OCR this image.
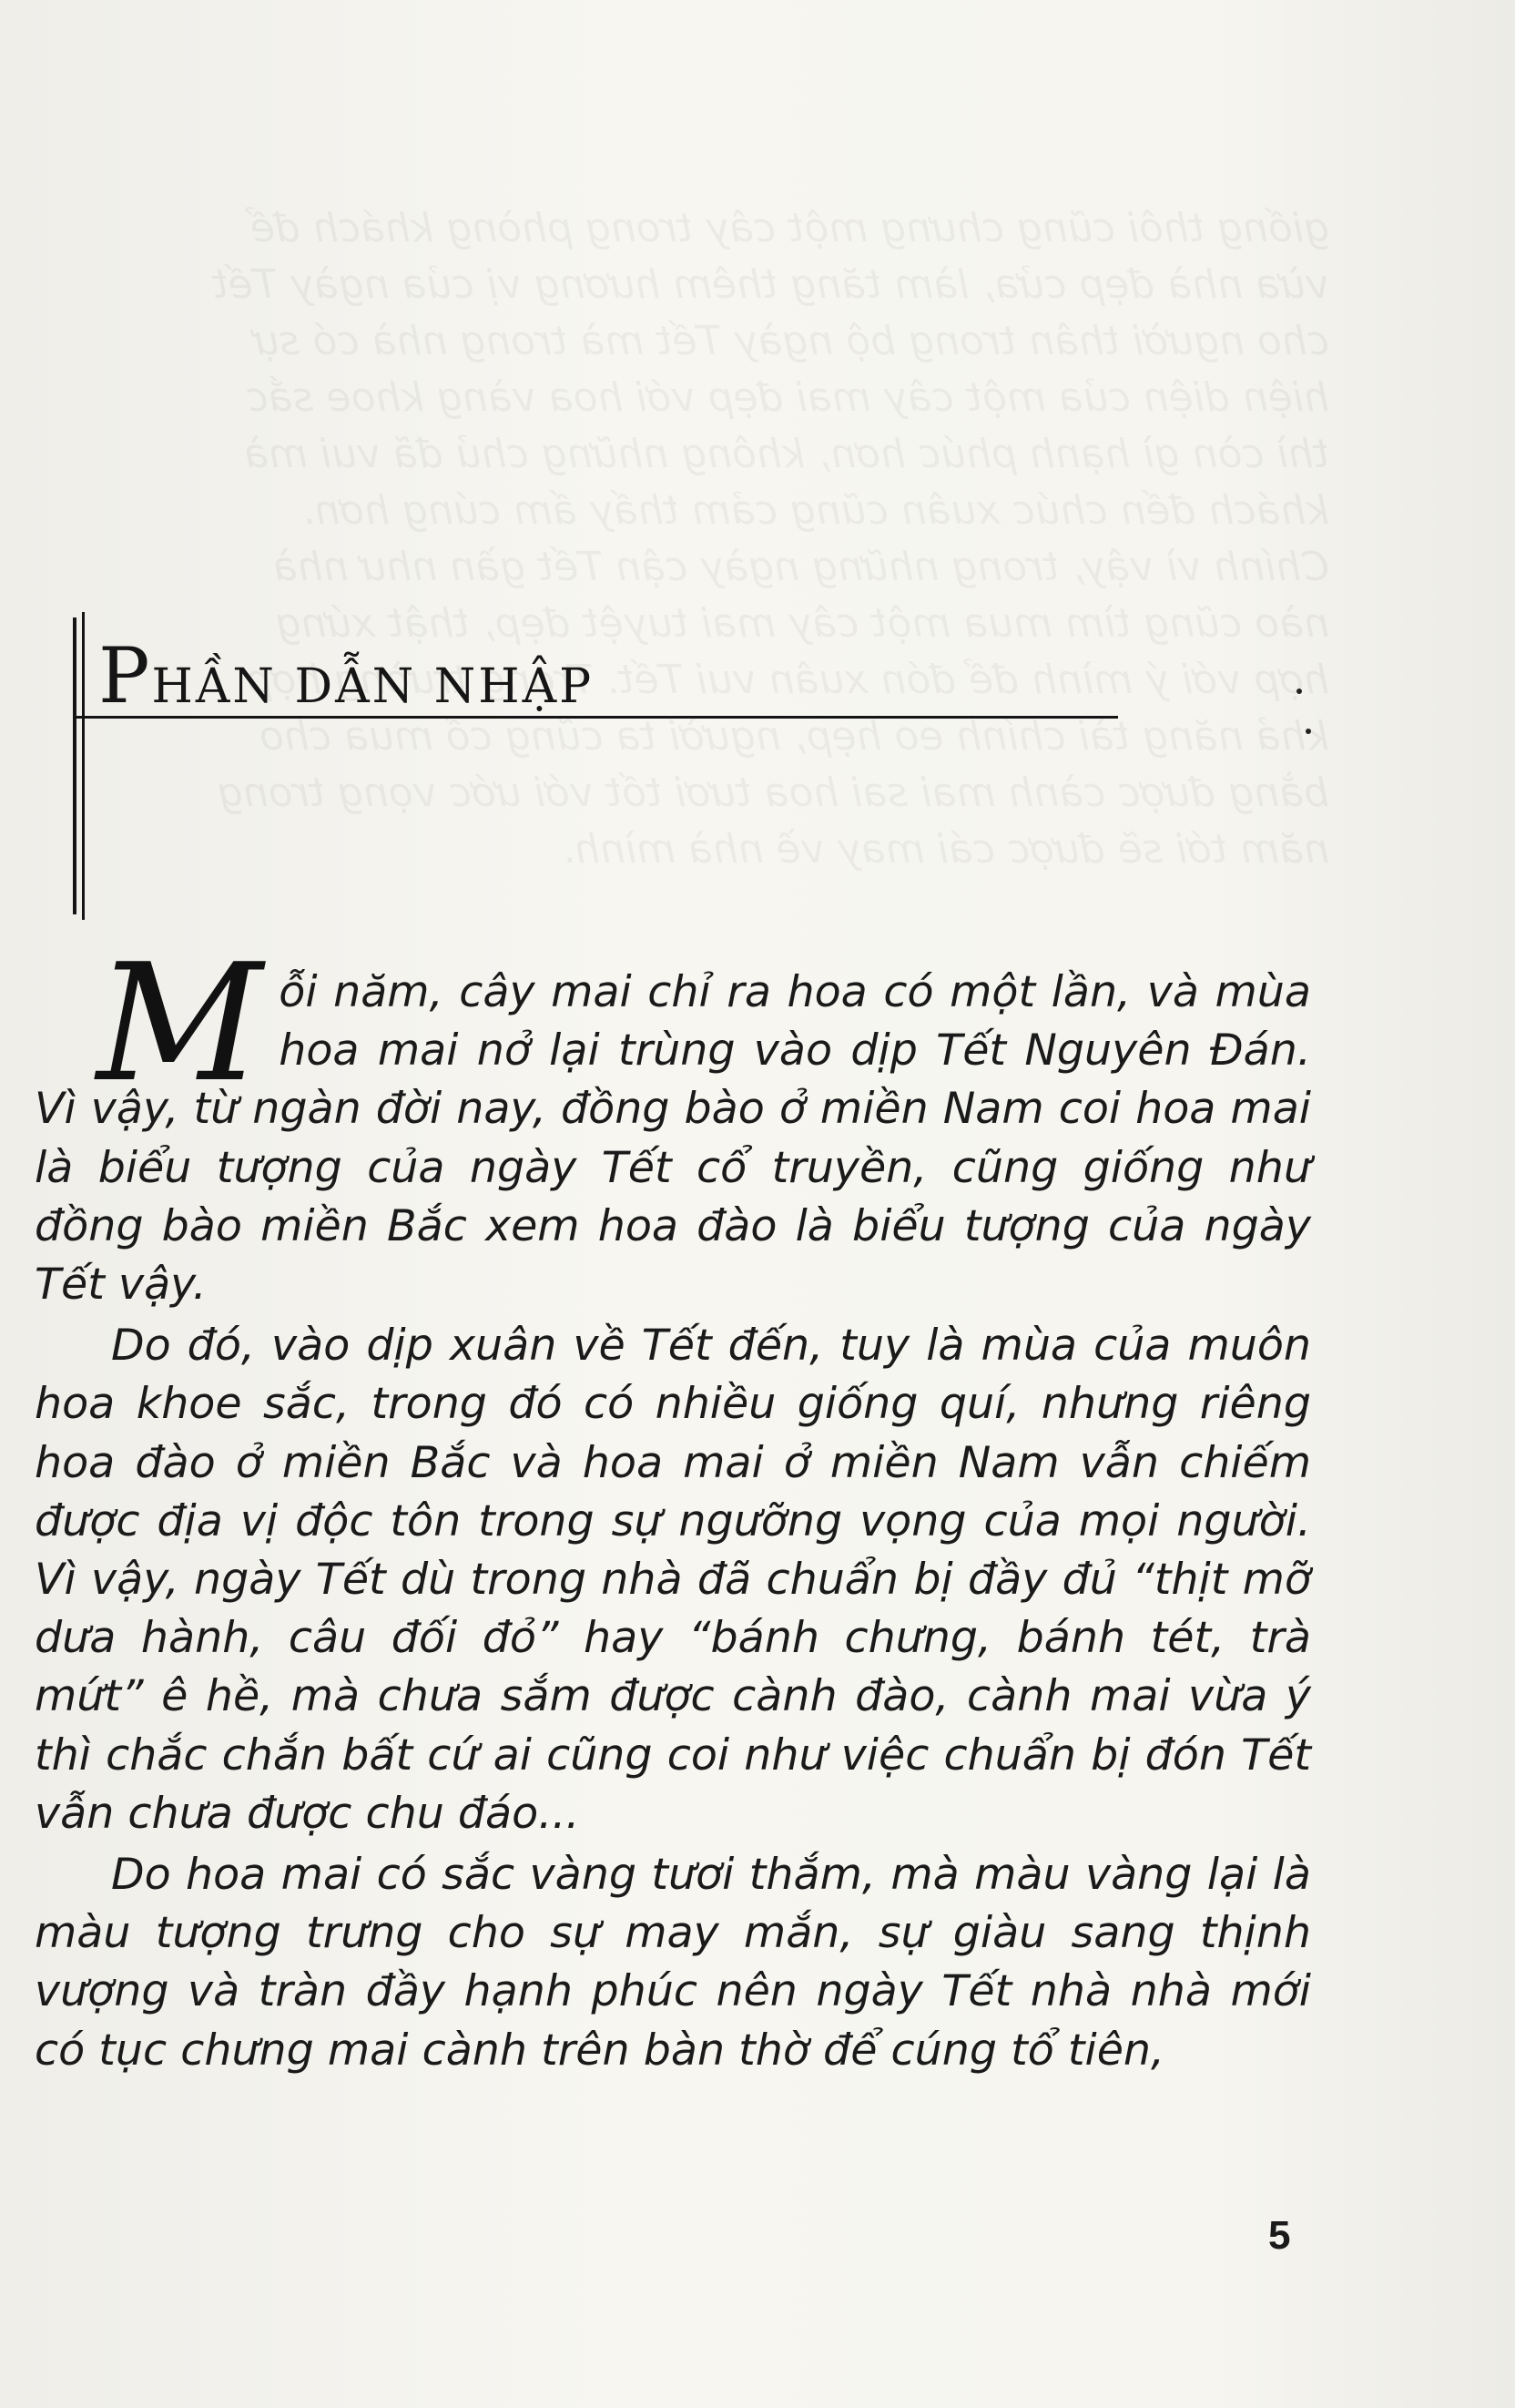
PHẦN DẪN NHẬP

Mỗi năm, cây mai chỉ ra hoa có một lần, và mùa hoa mai nở lại trùng vào dịp Tết Nguyên Đán. Vì vậy, từ ngàn đời nay, đồng bào ở miền Nam coi hoa mai là biểu tượng của ngày Tết cổ truyền, cũng giống như đồng bào miền Bắc xem hoa đào là biểu tượng của ngày Tết vậy.

Do đó, vào dịp xuân về Tết đến, tuy là mùa của muôn hoa khoe sắc, trong đó có nhiều giống quí, nhưng riêng hoa đào ở miền Bắc và hoa mai ở miền Nam vẫn chiếm được địa vị độc tôn trong sự ngưỡng vọng của mọi người. Vì vậy, ngày Tết dù trong nhà đã chuẩn bị đầy đủ “thịt mỡ dưa hành, câu đối đỏ” hay “bánh chưng, bánh tét, trà mứt” ê hề, mà chưa sắm được cành đào, cành mai vừa ý thì chắc chắn bất cứ ai cũng coi như việc chuẩn bị đón Tết vẫn chưa được chu đáo...

Do hoa mai có sắc vàng tươi thắm, mà màu vàng lại là màu tượng trưng cho sự may mắn, sự giàu sang thịnh vượng và tràn đầy hạnh phúc nên ngày Tết nhà nhà mới có tục chưng mai cành trên bàn thờ để cúng tổ tiên,

5
